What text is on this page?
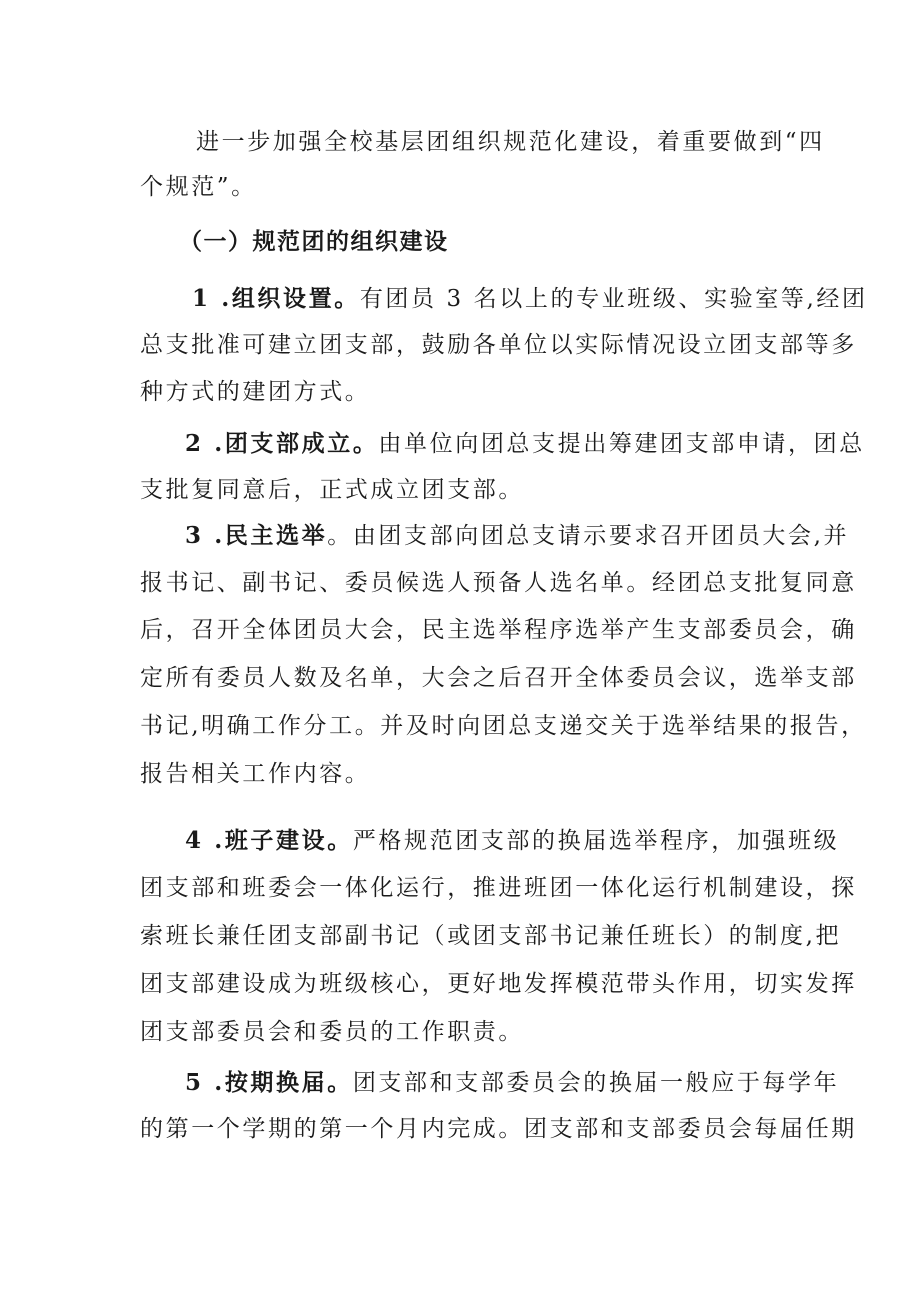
进一步加强全校基层团组织规范化建设，着重要做到“四
个规范”。
（一）规范团的组织建设
1 .组织设置。有团员 3 名以上的专业班级、实验室等,经团
总支批准可建立团支部，鼓励各单位以实际情况设立团支部等多
种方式的建团方式。
2 .团支部成立。由单位向团总支提出筹建团支部申请，团总
支批复同意后，正式成立团支部。
3 .民主选举。由团支部向团总支请示要求召开团员大会,并
报书记、副书记、委员候选人预备人选名单。经团总支批复同意
后，召开全体团员大会，民主选举程序选举产生支部委员会，确
定所有委员人数及名单，大会之后召开全体委员会议，选举支部
书记,明确工作分工。并及时向团总支递交关于选举结果的报告，
报告相关工作内容。
4 .班子建设。严格规范团支部的换届选举程序，加强班级
团支部和班委会一体化运行，推进班团一体化运行机制建设，探
索班长兼任团支部副书记（或团支部书记兼任班长）的制度,把
团支部建设成为班级核心，更好地发挥模范带头作用，切实发挥
团支部委员会和委员的工作职责。
5 .按期换届。团支部和支部委员会的换届一般应于每学年
的第一个学期的第一个月内完成。团支部和支部委员会每届任期
